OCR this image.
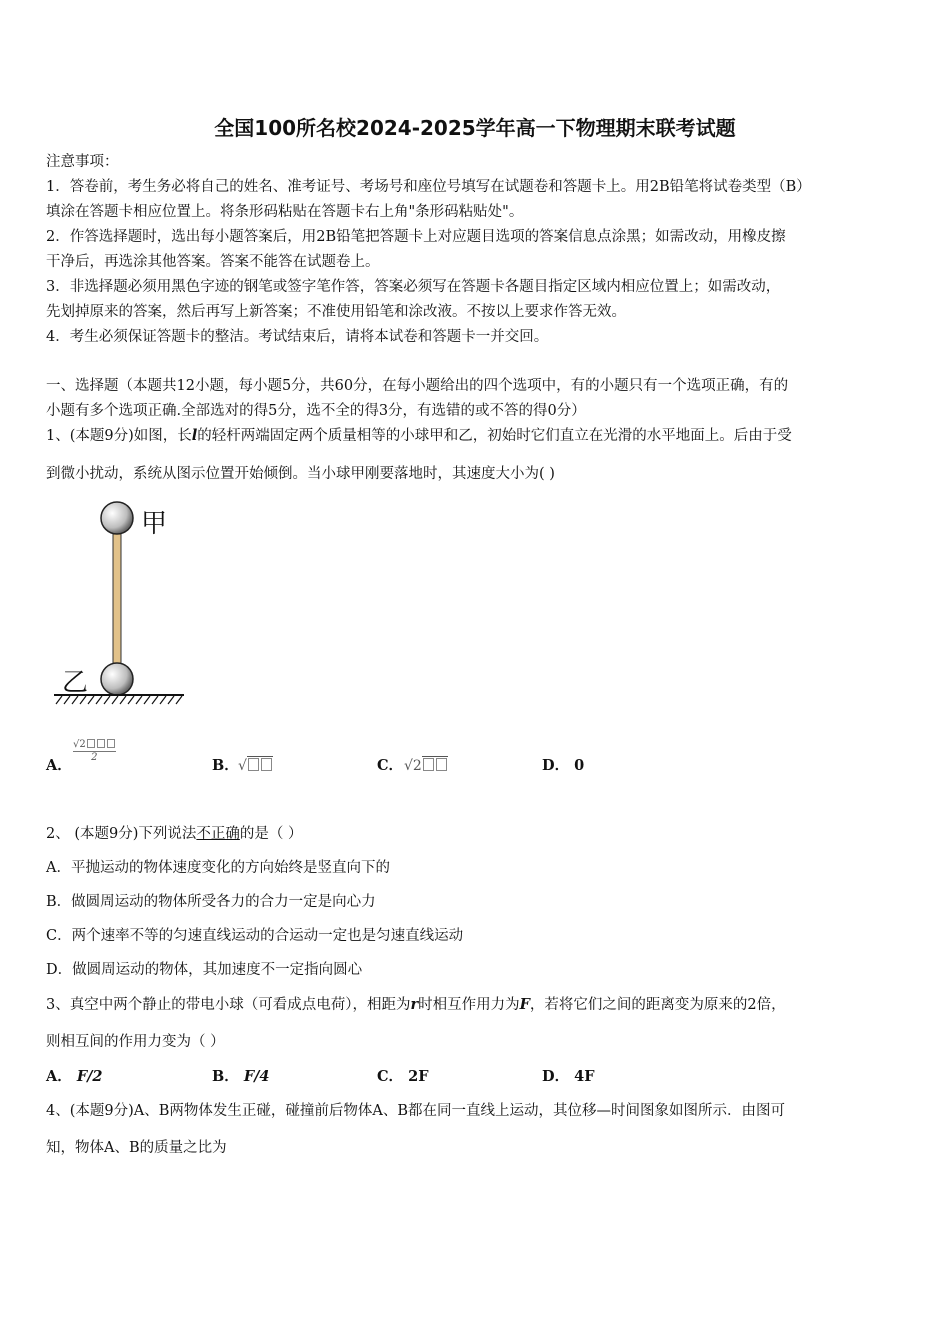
全国100所名校2024-2025学年高一下物理期末联考试题
注意事项：
1．答卷前，考生务必将自己的姓名、准考证号、考场号和座位号填写在试题卷和答题卡上。用2B铅笔将试卷类型（B）
填涂在答题卡相应位置上。将条形码粘贴在答题卡右上角"条形码粘贴处"。
2．作答选择题时，选出每小题答案后，用2B铅笔把答题卡上对应题目选项的答案信息点涂黑；如需改动，用橡皮擦
干净后，再选涂其他答案。答案不能答在试题卷上。
3．非选择题必须用黑色字迹的钢笔或签字笔作答，答案必须写在答题卡各题目指定区域内相应位置上；如需改动，
先划掉原来的答案，然后再写上新答案；不准使用铅笔和涂改液。不按以上要求作答无效。
4．考生必须保证答题卡的整洁。考试结束后，请将本试卷和答题卡一并交回。
一、选择题（本题共12小题，每小题5分，共60分，在每小题给出的四个选项中，有的小题只有一个选项正确，有的
小题有多个选项正确.全部选对的得5分，选不全的得3分，有选错的或不答的得0分）
1、(本题9分)如图，长l的轻杆两端固定两个质量相等的小球甲和乙，初始时它们直立在光滑的水平地面上。后由于受
到微小扰动，系统从图示位置开始倾倒。当小球甲刚要落地时，其速度大小为( )
甲
乙
$\frac{√2}{2}$
A．	B． √	C． √2	D． 0
2、 (本题9分)下列说法不正确的是（ ）
A．平抛运动的物体速度变化的方向始终是竖直向下的
B．做圆周运动的物体所受各力的合力一定是向心力
C．两个速率不等的匀速直线运动的合运动一定也是匀速直线运动
D．做圆周运动的物体，其加速度不一定指向圆心
3、真空中两个静止的带电小球（可看成点电荷），相距为r时相互作用力为F，若将它们之间的距离变为原来的2倍，
则相互间的作用力变为（ ）
A． F/2	B． F/4	C． 2F	D． 4F
4、(本题9分)A、B两物体发生正碰，碰撞前后物体A、B都在同一直线上运动，其位移—时间图象如图所示．由图可
知，物体A、B的质量之比为
